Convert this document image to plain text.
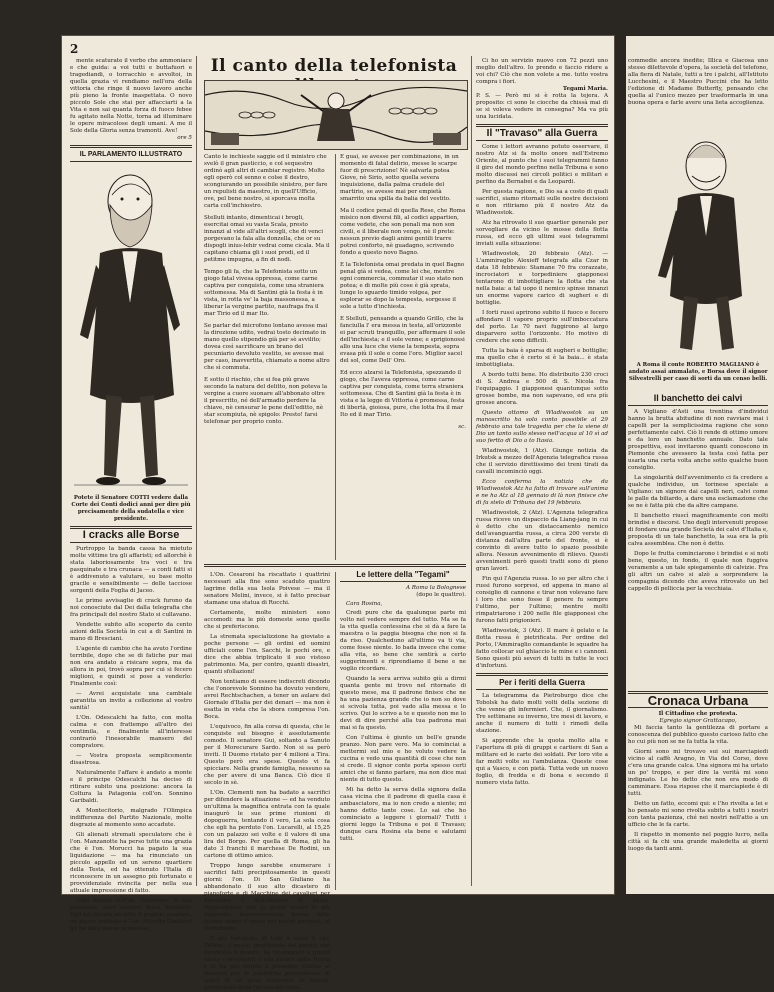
2
mente scaturate il verbo che ammoniace e che guida: a voi tutti e buttafuori e tragediandi, o torracchio e avvoltoi, in quella grazia vi rendiamo nell'ora della vittoria che ringe il nuovo lavoro anche più pieno la fronte inaspettata. O novo piccolo Sole che stai per affacciarti a la Vita e non sai quanta forza di fuoco febee fu agitato nella Notte, torna ad illuminare le opere miracolose degli umani. A me il Sole della Gloria senza tramonti. Ave!
ore 5
IL PARLAMENTO ILLUSTRATO
Potete il Senatore COTTI vedere dalla Corte dei Conti dodici anni per dire più precisamente della sudatella e vice presidente.
I cracks alle Borse

Purtroppo la banda cassa ha mietuto molte vittime tra gli affaristi; ed allorchè è stata laboriosamente tra voci e tra pasquinate e tra crunaca — a conti fatti si è addivenuto a valutare, su base molto gracile e sensibilmente — delle tacciose sorgenti della Foglia di Jaceo.

Le prime avvisaglie di crack furono da noi conosciute dal Dei dalla telegrafia che fra principali del nostro Stato si cullavano.

Vendette subito allo scoperto da cento azioni della Società in cui a di Santini in mano di Bresciani.

L'agente di cambio che ha avuto l'ordine terribile, dopo che se di fatiche pur mai non era andato a risicare sopra, ma da allora in poi, trovò sopra per cui si fecero miglioni, e quindi si pose a venderlo: Finalmente così:

— Avrei acquistate una cambiale garantita un invito a collezione al vostro sanità!

L'On. Odescalchi ha fatto, con molta calma e con frattempo all'altro dei ventimila, e finalmente all'interesse contrariò l'inesorabile mansero del compratore.

— Vostra proposta semplicemente disastrosa.

Naturalmente l'affare è andato a monte e il principe Odescalchi ha deciso di ritirare subito una posizione: ancora la Coltura la Patagonia coll'on. Sonnino Garibaldi.

A Montecitorio, malgrado l'Olimpica indifferenza del Partito Nazionale, molte disgrazie al momento sono accadute.

Gli alienati stremati speculatore che è l'on. Manzanotte ha perso tutte una grazia che è l'on. Morucci ha pagato la sua liquidazione — ma ha rinunciato un piccolo appello ed un sereno quartiere della Testa, ed ha ottenuto l'Italia di riconoscere in un assegno più fortunato e provvidenziale rivincita per nella sua attuale impressione di fatto.

Gian notizie sull'on. Guarnieri: la sua posizione, pare sempre buon liquidato. Egli ha chiesto un asilo il proprio casolare, un pacco ordinato e l'on. Morello Gualtieri gli ha dato buone promesse.

Il canto della telefonista
Canto le inchieste saggie ed il ministro che svelò il gran pasticcio, e col sequestro ordinò agli altri di cambiar registro. Molto egli operò col senno e colse il destro, scongiurando un possibile sinistro, per fare un repulisti da maestro, in quell'Ufficio, ove, pel bene nostro, si sporcava molta carta coll'inchiostro.
Stelluti intanto, dimenticai i brogli, esercitai omai su vasta Scala, presto innanzi al vide all'altri scogli, che di venci porgevano la fala alla donzella, che or su dispogli inius-lehir vedrai come cicala. Ma il capitano chiama gli i suoi prodi, ed il petitme impugna, a fin di nodi.
Tempo gli fa, che la Telefonista sotto un giogo fatal vivesa oppressa, come carne captiva per conquista, come una straniera sottomessa. Ma di Santini già la festa è in vista, in rotta ve' la baja massonessa, a liberar la vergine partito, naufraga fra il mar Tirio ed il mar Ito.
Se parlar del microfono lontano avesse mai la direzione udito, vedrai tosto decimato in mano quello stipendio già per sè avvilito; dovea così sacrificare un brano del pecuniario devoluto vestito, se avesse mai per caso, inavvertita, chiamato a nome altro che sì commuta.
E sotto il rischio, che si fea più grave secondo la natura del delitto, non poteva la vergine a cuore suonare all'abbonato oltre il prescritto, né dell'armadio perdere la chiave, nè censurar le pene dell'editto, nè star scompiuta, nè spigolo: Presto! farsi telefonar per proprio conto.
E guai, se avesse per combinazione, in un momento di fatal delirio, messe le scarpe fuor di prescrizione! Nè salvarla potea Giove, nè Sirio, sotto quella severa inquisizione, dalla palma crudele del martirio, se avesse mai per empietà smarrito una spilla da balia del vestito.
Ma il codice penal di quella Rese, che Roma misico non diversi fili, al codici appartien, come vedete, che son penali ma non son civili, e il liberale non vengo, nè il prete: nessun previo dagli animi gentili trarre potrei conforto, nè guadagno, scrivendo fondo a questo novo Bagno.
E la Telefonista omai predata in quel Bagno penal già si vedea, come lei che, mentre egni commercia, commutar il suo stato non potea; e di molte più cose è già sprata, lunge lo sguardo timido volgea, per esplorar se dopo la tempesta, sorgesse il sole a tutto d'inchiesta.
E Stelluti, pensando a quando Grillo, che la fanciulla l' era messa in testa, all'orizzonte ei par scruti tranquillo, per affermare il sole dell'inchiesta; e il sole venne; e sprigionossi allo una luce che viene la tempesta, sopra evasa più il sole e come l'oro. Miglior sacel del sol, come Dell' Oro.
Ed ecco alzarsi la Telefonista, spezzando il giogo, che l'aveva oppressa, come carne captiva per conquista, come terra straniera sottomessa. Che di Santini già la festa è in vista e la legge di Vittoria è promessa, festa di libertà, gioiosa, pure, che lotta fra il mar Ito ed il mar Tirio.
sc.

L'On. Cesaroni ha riscattato i quattrini necessari alla fine sono scaduto quattro lagrime della sua Isola Poivese — ma il senatore Melini, invece, si è fatto precisar stamane una statua di Rocchi.

Certamente, molte ministeri sono accomodi: ma le più domeste sono quelle che si preferiscono.

La stremata specializzione ha gioviato a poche persone — gli ordini ed uomini ufficiali come l'on. Sacchi, le pochi ore, e dice che abbia triplicato il suo vistoso patrimonio. Ma, per contro, quanti disastri, quanti sfollazioni!

Non tentiamo di essere indiscreti dicendo che l'onorevole Sonnino ha dovuto vendere, avrei Rechtschachen, a tener un aulare del Giornale d'Italia per dei denari — ma non è esatta in vista che la sbora compresa l'on. Boca.

L'equivoco, fin alla corsa di questa, che le conquiste sul bisogno è assolutamente comodo. Il senatore Gui, soltanto a Sanuto per il Morecurare Sardo. Non si sa però inviti. Il Duomo ristato per 4 milioni a Tira. Questo però era spese. Questo vi fa spicciare. Nella grande famiglia, nessuno sa che per avere di una Banca. Ciò dice il secolo in sè.

L'On. Clementi non ha badato a sacrifici per difendere la situazione — ed ha venduto un'ultima la magnifica entrata con la quale inaugurò le sue prime riunioni di dopoguerra, tentando il vero, La sola cosa che egli ha perduto l'on. Lucarelli, al 15,25 con un palazzo sei volte e il valore di una lira del Borgo. Per quella di Roma, gli ha dato 3 franchi il marchese De Rodini, un cartone di ottimo amico.

Troppo lungo sarebbe enumerare i sacrifici fatti precipitosamente in questi giorni: l'on. Di San Giuliano ha abbandonato il suo alto dicastero di pianoforte e di Macchine dei cavalieri per diventare il distributore di pasta. Aggiungiamo che ai giorni nostri le più impaurite marconoscenze hanno fatto suonar mano d'opera nei nostri perbene, al Parlamento.

Il più fortunato di tutti è stato il cav. Falbini, il quale, profittando del panico che dominava il mondo, ha ricomprato a prezzi molto convenienti il suo elenco della Patria e le ha poi riunito a prossime vittime al Bilancio per le pubbliche provvedenze di salire di un gran ristorante in blocco, profittando della ripresa dei corsi.

Le lettere della "Tegami"
A Roma la Bolognese
(dopo le quattro).
Cara Rosina,

Credi pure che da qualunque parte mi volto nel vedere sempre del tutto. Ma se fa la vita quella contessina che si dà a fare la maestra o la paggia bisogna che non si fa da riso. Qualcheduno all'ultimo va ti via, come fosse niente. Io bada invece che come alla vita, so bene che sentirà a certo suggerimenti e riprendiamo il bene e ne voglio ricordare.

Quando la sera arriva subito giù a dirmi quanta gente mi trovo nel ritornato di questo mese, ma il padrone finisce che ne ha una pazienza grande che io non so dove si scivola tutta, poi vado alla messa e lo scrivo. Qui lo scrivo a te e questo non me lo devi di dire perché alla tua padrona mai mai si fa questo.

Con l'ultima è giunto un bell'e grande pranzo. Non pare vero. Ma io cominciai a mettermi sul mio e ho voluto vedere la cucina e vedo una quantità di cose che non si crede. Il signor conte porta spesso certi amici che si fanno parlare, ma non dice mai niente di tutto questo.

Mi ha detto la serva della signora della casa vicina che il padrone di quella casa è ambasciatore, ma io non credo a niente; mi hanno detto tante cose. Lo sai che ho cominciato a leggere i giornali? Tutti i giorni leggo la Tribuna e poi il Travaso; dunque cara Rosina sta bene e salutami tutti.

Ci ho un servizio nuovo con 72 pezzi uno meglio dell'altro. Io prendo e faccio ridere a voi chi? Ciò che non volete a me. tutto vostra compra i fiori.
Tegami Maria.
P. S. — Però mi si è rotta la tejera. A proposito: ci sono le ciocche da chissà mai di se si voleva vedere in consegna? Ma va più una lucidata.
Il "Travaso" alla Guerra

Come i lettori avranno potuto osservare, il nostro Atz si fa molto onore nell'Estremo Oriente, al punto che i suoi telegrammi fanno il giro del mondo perfino nella Tribuna e sono molto discussi nei circoli politici e militari e perfino da Bernabei e da Leopardi.

Per questa ragione, e Dio sa a costo di quali sacrifici, siamo ritornati sulle nostre decisioni e non ritiriamo più il nostro Atz da Wladiwostok.

Atz ha ritrovato il suo quartier generale per sorvegliare da vicino le mosse della flotta russa, ed ecco gli ultimi suoi telegrammi inviati sulla situazione:

Wladiwostok, 20 febbraio (Atz). — L'ammiraglio Alexieff telegrafa alla Czar in data 18 febbraio: Stamane 70 fra corazzate, incrociatori e torpediniere giapponesi tentarono di imbottigliare la flotta che sta nella baia: a tal uopo il nemico spinse innanzi un enorme vapore carico di sugheri e di bottiglie.

I forti russi aprirono subito il fuoco e fecero affondare il vapore proprio sull'imboccatura del porto. Le 70 navi fuggirono al largo disparvero sotto l'orizzonte. Ho motivo di credere che sono difficili.

Tutta la baia è sparsa di sugheri e bottiglie; ma quello che è certo si è la baia... è stata imbottigliata.

A bordo tutti bene. Ho distribuito 230 croci di S. Andrea e 500 di S. Nicola fra l'equipaggio. I giapponesi quantunque sotto grosse bombe, ma non sapevano, ed era più grosse ancora.

Questo ottomo di Wladiwostok su un manoscritto ha solo conto possibile al 29 febbraio una tale tragedia per che la viene di Dio un tanto sullo stesso nell'acqua al 10 sì ad suo fertto di Dio a to Itasia.

Wladiwostok, 1 (Atz). Giunge notizia da Irkutsk a mezzo dell'Agenzia telegrafica russa che il servizio direttissimo dei treni tirati da cavalli incominciò oggi.

Ecco conferma la notizia che da Wladiwostok Atz ha fatto di trovare sull'anima e ne ha Atz al 18 gennaio di là non finisce che di fa stelo di Tribuna del 19 febbraio.

Wladiwostok, 2 (Atz). L'Agenzia telegrafica russa riceve un dispaccio da Liang-jang in cui è detto che un distaccamento nemico dell'avanguardia russa, a circa 200 verste di distanza dall'altra parte del fronte, si è convinto di avere tutto lo spazio possibile allora. Nessun avvenimento di rilievo. Questi avvenimenti però questi tratti sono di pieno gran lavori.

Fin qui l'Agenzia russa. Io so per altro che i russi furono sorpresi, ed appena in mano al consiglio di cannone e tirar non volevano fare i loro che sono fosse il genere fu sempre l'ultimo, per l'ultimo; mentre molti rimpatriarono i 200 nelle file giapponesi che furono fatti prigionieri.

Wladiwostok, 3 (Atz). Il mare è gelato e la flotta russa è pietrificata. Per ordine del Porto, l'Ammiraglio comandante le squadre ha fatto collocar sul ghiaccio le mine e i cannoni. Sono questi più severi di tutti in tutte le voci d'infortuni.

Per i feriti della Guerra

La telegramma da Pietroburgo dice che Tobolsk ha dato molti volti della sezione di che venne gli infermieri. Che, il giornalismo. Tre settimane su inverno, tre mesi di lavoro, e anche il numero di tutti i rimedi della stazione.

Si apprende che la quota molto alta e l'apertura di più di gruppi e cartiere di San a militare ed le carte dei soldati. Per loro vite a far molti volte su l'ambulanza. Queste cose qui a Vasco, e con pietà. Tutta vede un nuovo foglio, di fredda e di bona e secondo il numero vista fatto.

commedie ancora inedite; Illica e Giacosa uno stesso dilettevole d'opera, la società del telefono, alla fiera di Natale, tutti a tre i palchi, all'Istituto Lucchesini, e il Maestro Puccini che ha letto l'edizione di Madame Butterfly, pensando che quella al l'unico mezzo per trasformarla in una buona opera e farle avere una lieta accoglienza.
A Roma il conte ROBERTO MAGLIANO è andato assai ammalato, e Borsa dove il signor Silvestrelli per caso di sorti da un censo belli.
Il banchetto dei calvi

A Vigliano d'Asti una trentina d'individui hanno la brutta abitudine di non ravviare mai i capelli per la semplicissima ragione che sono perfettamente calvi. Ciò li rende di ottimo umore e da loro un banchetto annuale. Dato tale prospettiva, essi invitarono quanti conoscono in Piemonte che avessero la testa così fatta per usarla una certa volta anche sotto qualche buon consiglio.

La singolarità dell'avvenimento ci fa credere a qualche individuo, un torinese speciale a Vigliano: un signore dai capelli neri, calvi come le palle da biliardo, a dare una esclamazione che se ne è fatta più che da altre campane.

Il banchetto riuscì magnificamente con molti brindisi e discorsi. Uno degli intervenuti propose di fondare una grande Società dei calvi d'Italia e, proposta di un tale banchetto, la sua era la più calva assemblea. Che non è detto.

Dopo le frutta cominciarono i brindisi e si noti bene, questo, in fondo, il quale non fuggiva veramente a un tale spiegamento di calvizie. Fra gli altri un calvo si alzò a sorprendere la compagnia dicendo che aveva ritrovato un bel cappello di pelliccia per la vecchiaia.

Cronaca Urbana
Il Cittadino che protesta.
Egregio signor Grattacapo,

Mi faccia tanto la gentilezza di portare a conoscenza del pubblico questo curioso fatto che ho cui più non se ne fa tutta la vita.

Giorni sono mi trovavo sui sui marciapiedi vicino al caffè Aragno, in Via del Corso, dove c'era una grande calca. Una signora mi ha urtato un po' troppo, e per dire la verità mi sono indignato. Le ho detto che non era modo di camminare. Essa rispose che il marciapiede è di tutti.

Detto un fatto, eccomi qui: e l'ho rivolta a lei e ho pensato mi sono rivolta subito a tutti i nostri con tanta pazienza, ché nei nostri nell'atto a un ufficio che le fa carte.

Il rispetto in momento nel poggio lucro, nella città si fa chi una grande maledetta ai giorni luogo da tanti anni.
